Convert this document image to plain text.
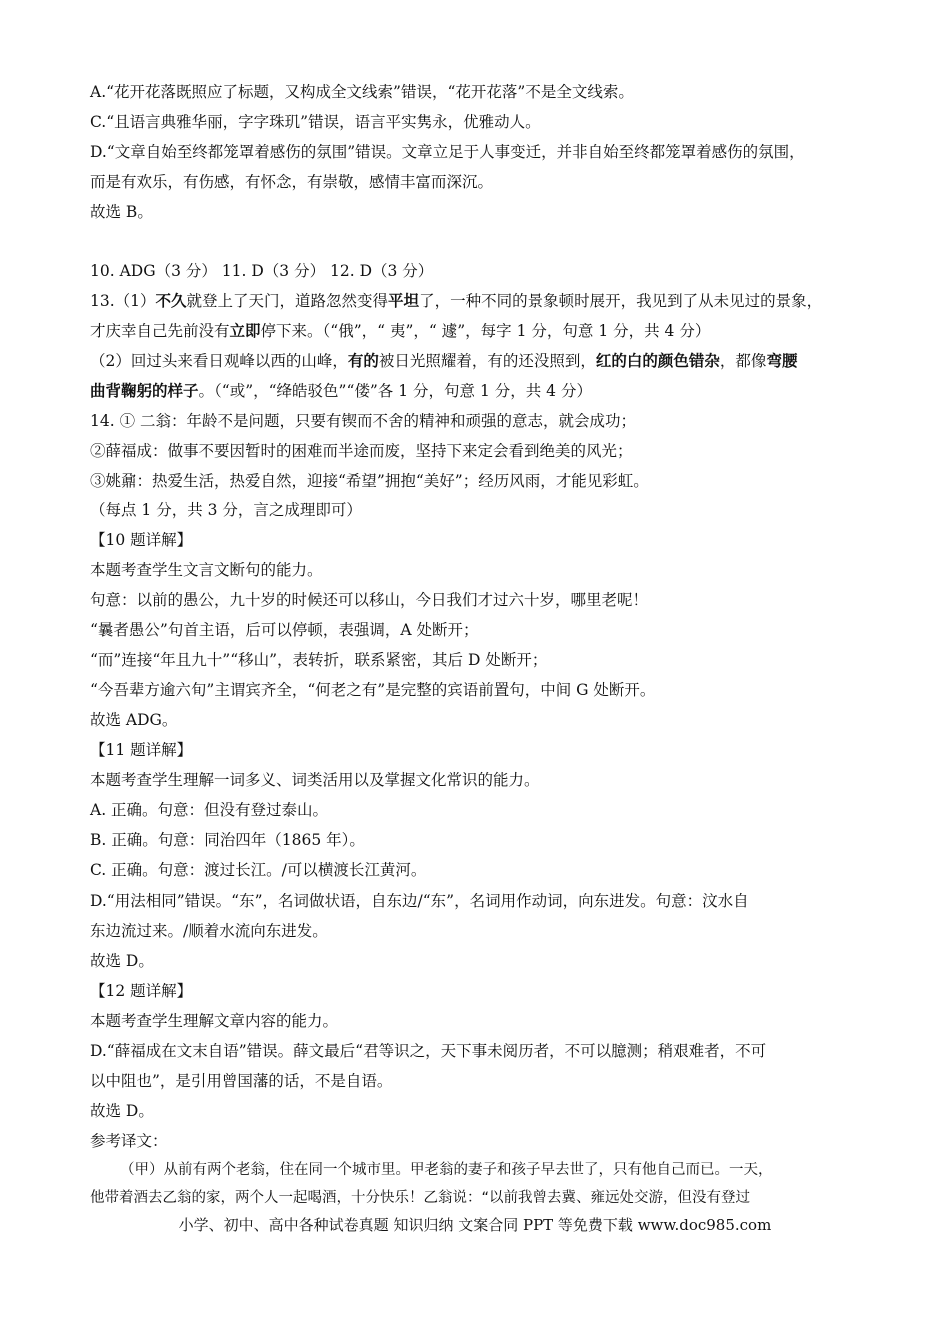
A.“花开花落既照应了标题，又构成全文线索”错误，“花开花落”不是全文线索。
C.“且语言典雅华丽，字字珠玑”错误，语言平实隽永，优雅动人。
D.“文章自始至终都笼罩着感伤的氛围”错误。文章立足于人事变迁，并非自始至终都笼罩着感伤的氛围，
而是有欢乐，有伤感，有怀念，有崇敬，感情丰富而深沉。
故选 B。
10. ADG（3 分） 11. D（3 分） 12. D（3 分）
13.（1）不久就登上了天门，道路忽然变得平坦了，一种不同的景象顿时展开，我见到了从未见过的景象，
才庆幸自己先前没有立即停下来。（“俄”，“ 夷”，“ 遽”，每字 1 分，句意 1 分，共 4 分）
（2）回过头来看日观峰以西的山峰，有的被日光照耀着，有的还没照到，红的白的颜色错杂，都像弯腰
曲背鞠躬的样子。（“或”，“绛皓驳色”“偻”各 1 分，句意 1 分，共 4 分）
14. ① 二翁：年龄不是问题，只要有锲而不舍的精神和顽强的意志，就会成功；
②薛福成：做事不要因暂时的困难而半途而废，坚持下来定会看到绝美的风光；
③姚鼐：热爱生活，热爱自然，迎接“希望”拥抱“美好”；经历风雨，才能见彩虹。
（每点 1 分，共 3 分，言之成理即可）
【10 题详解】
本题考查学生文言文断句的能力。
句意：以前的愚公，九十岁的时候还可以移山，今日我们才过六十岁，哪里老呢！
“曩者愚公”句首主语，后可以停顿，表强调，A 处断开；
“而”连接“年且九十”“移山”，表转折，联系紧密，其后 D 处断开；
“今吾辈方逾六旬”主谓宾齐全，“何老之有”是完整的宾语前置句，中间 G 处断开。
故选 ADG。
【11 题详解】
本题考查学生理解一词多义、词类活用以及掌握文化常识的能力。
A. 正确。句意：但没有登过泰山。
B. 正确。句意：同治四年（1865 年）。
C. 正确。句意：渡过长江。/可以横渡长江黄河。
D.“用法相同”错误。“东”，名词做状语，自东边/“东”，名词用作动词，向东进发。句意：汶水自
东边流过来。/顺着水流向东进发。
故选 D。
【12 题详解】
本题考查学生理解文章内容的能力。
D.“薛福成在文末自语”错误。薛文最后“君等识之，天下事未阅历者，不可以臆测；稍艰难者，不可
以中阻也”，是引用曾国藩的话，不是自语。
故选 D。
参考译文：
（甲）从前有两个老翁，住在同一个城市里。甲老翁的妻子和孩子早去世了，只有他自己而已。一天，
他带着酒去乙翁的家，两个人一起喝酒，十分快乐！乙翁说：“以前我曾去冀、雍远处交游，但没有登过
小学、初中、高中各种试卷真题 知识归纳 文案合同 PPT 等免费下载 www.doc985.com
